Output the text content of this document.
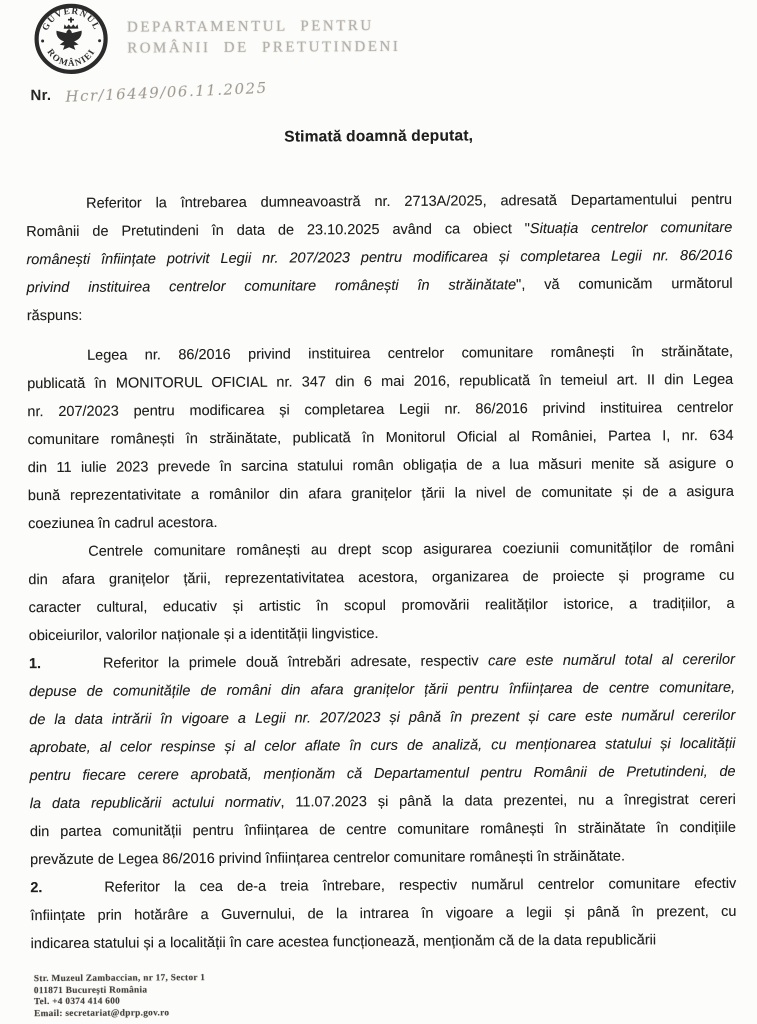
GUVERNUL
ROMÂNIEI
DEPARTAMENTUL PENTRU
ROMÂNII DE PRETUTINDENI
Nr. Hcr/16449/06.11.2025
Stimată doamnă deputat,
Referitor la întrebarea dumneavoastră nr. 2713A/2025, adresată Departamentului pentru
Românii de Pretutindeni în data de 23.10.2025 având ca obiect "Situația centrelor comunitare
românești înființate potrivit Legii nr. 207/2023 pentru modificarea și completarea Legii nr. 86/2016
privind instituirea centrelor comunitare românești în străinătate", vă comunicăm următorul
răspuns:
Legea nr. 86/2016 privind instituirea centrelor comunitare românești în străinătate,
publicată în MONITORUL OFICIAL nr. 347 din 6 mai 2016, republicată în temeiul art. II din Legea
nr. 207/2023 pentru modificarea și completarea Legii nr. 86/2016 privind instituirea centrelor
comunitare românești în străinătate, publicată în Monitorul Oficial al României, Partea I, nr. 634
din 11 iulie 2023 prevede în sarcina statului român obligația de a lua măsuri menite să asigure o
bună reprezentativitate a românilor din afara granițelor țării la nivel de comunitate și de a asigura
coeziunea în cadrul acestora.
Centrele comunitare românești au drept scop asigurarea coeziunii comunităților de români
din afara granițelor țării, reprezentativitatea acestora, organizarea de proiecte și programe cu
caracter cultural, educativ și artistic în scopul promovării realităților istorice, a tradițiilor, a
obiceiurilor, valorilor naționale și a identității lingvistice.
1.	Referitor la primele două întrebări adresate, respectiv care este numărul total al cererilor
depuse de comunitățile de români din afara granițelor țării pentru înființarea de centre comunitare,
de la data intrării în vigoare a Legii nr. 207/2023 și până în prezent și care este numărul cererilor
aprobate, al celor respinse și al celor aflate în curs de analiză, cu menționarea statului și localității
pentru fiecare cerere aprobată, menționăm că Departamentul pentru Românii de Pretutindeni, de
la data republicării actului normativ, 11.07.2023 și până la data prezentei, nu a înregistrat cereri
din partea comunității pentru înființarea de centre comunitare românești în străinătate în condițiile
prevăzute de Legea 86/2016 privind înființarea centrelor comunitare românești în străinătate.
2.	Referitor la cea de-a treia întrebare, respectiv numărul centrelor comunitare efectiv
înființate prin hotărâre a Guvernului, de la intrarea în vigoare a legii și până în prezent, cu
indicarea statului și a localității în care acestea funcționează, menționăm că de la data republicării
Str. Muzeul Zambaccian, nr 17, Sector 1
011871 București România
Tel. +4 0374 414 600
Email: secretariat@dprp.gov.ro
